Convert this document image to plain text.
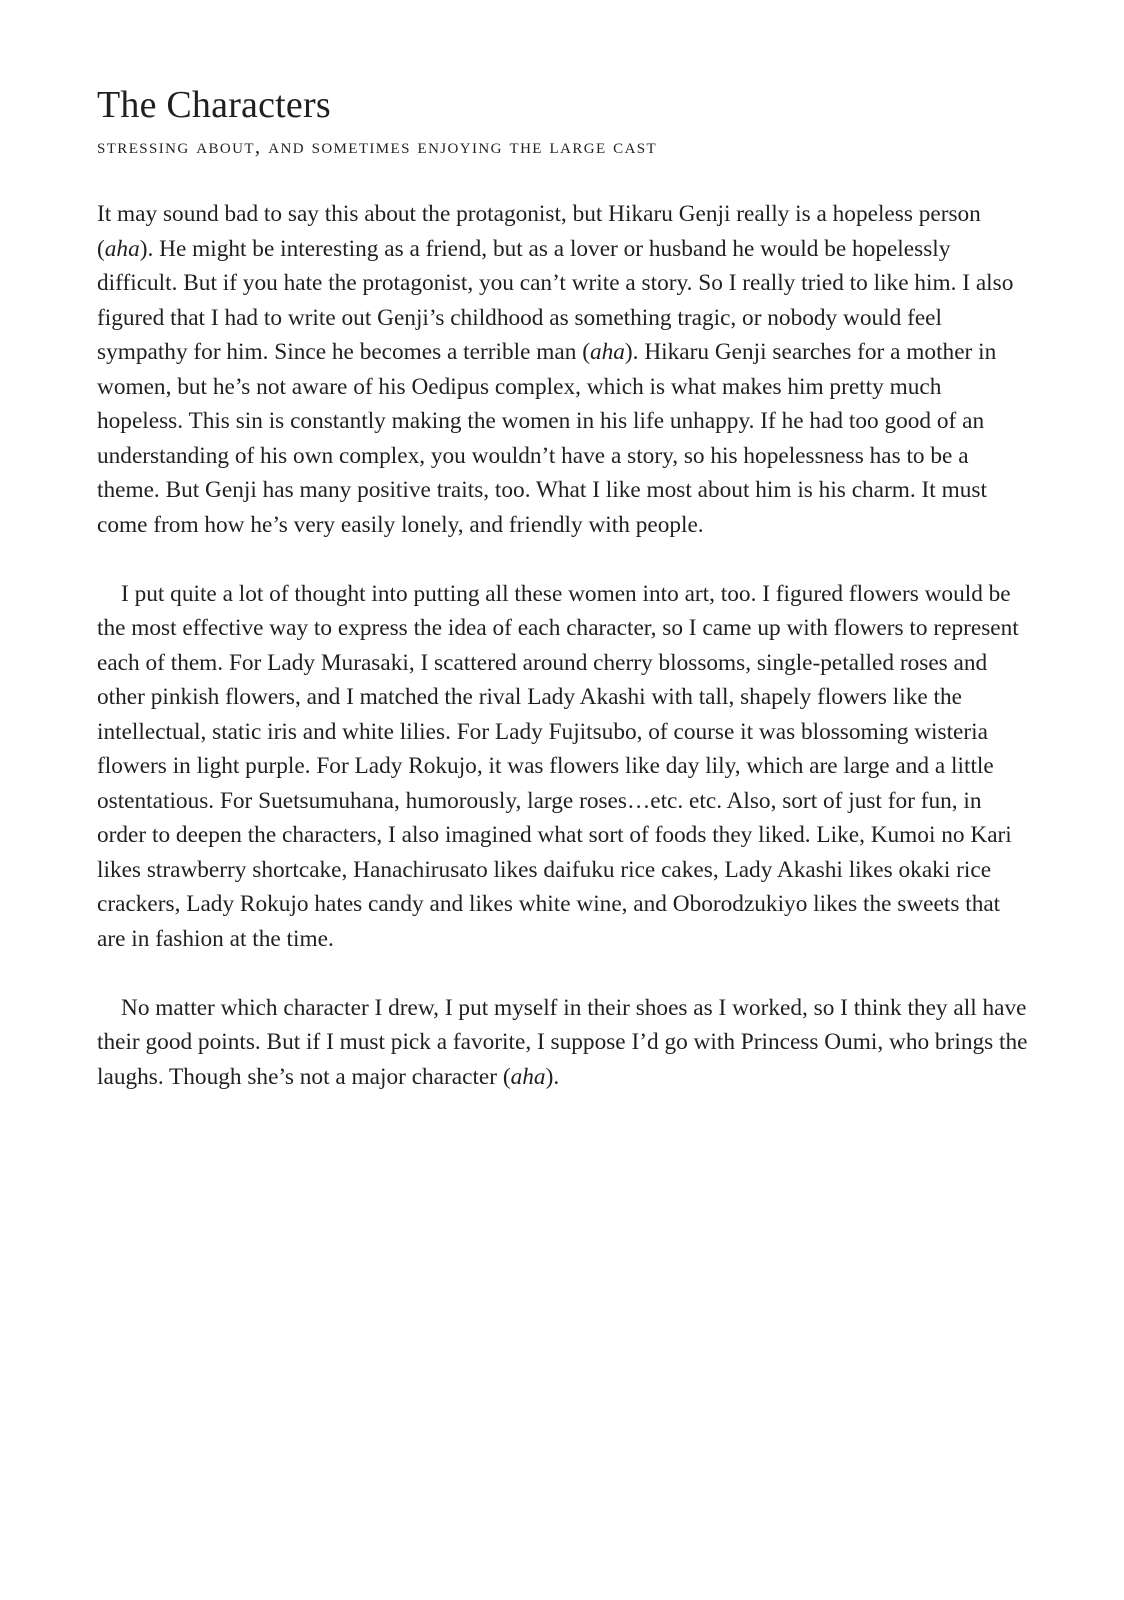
The Characters
stressing about, and sometimes enjoying the large cast

It may sound bad to say this about the protagonist, but Hikaru Genji really is a hopeless person (aha). He might be interesting as a friend, but as a lover or husband he would be hopelessly difficult. But if you hate the protagonist, you can’t write a story. So I really tried to like him. I also figured that I had to write out Genji’s childhood as something tragic, or nobody would feel sympathy for him. Since he becomes a terrible man (aha). Hikaru Genji searches for a mother in women, but he’s not aware of his Oedipus complex, which is what makes him pretty much hopeless. This sin is constantly making the women in his life unhappy. If he had too good of an understanding of his own complex, you wouldn’t have a story, so his hopelessness has to be a theme. But Genji has many positive traits, too. What I like most about him is his charm. It must come from how he’s very easily lonely, and friendly with people.

I put quite a lot of thought into putting all these women into art, too. I figured flowers would be the most effective way to express the idea of each character, so I came up with flowers to represent each of them. For Lady Murasaki, I scattered around cherry blossoms, single-petalled roses and other pinkish flowers, and I matched the rival Lady Akashi with tall, shapely flowers like the intellectual, static iris and white lilies. For Lady Fujitsubo, of course it was blossoming wisteria flowers in light purple. For Lady Rokujo, it was flowers like day lily, which are large and a little ostentatious. For Suetsumuhana, humorously, large roses…etc. etc. Also, sort of just for fun, in order to deepen the characters, I also imagined what sort of foods they liked. Like, Kumoi no Kari likes strawberry shortcake, Hanachirusato likes daifuku rice cakes, Lady Akashi likes okaki rice crackers, Lady Rokujo hates candy and likes white wine, and Oborodzukiyo likes the sweets that are in fashion at the time.

No matter which character I drew, I put myself in their shoes as I worked, so I think they all have their good points. But if I must pick a favorite, I suppose I’d go with Princess Oumi, who brings the laughs. Though she’s not a major character (aha).
